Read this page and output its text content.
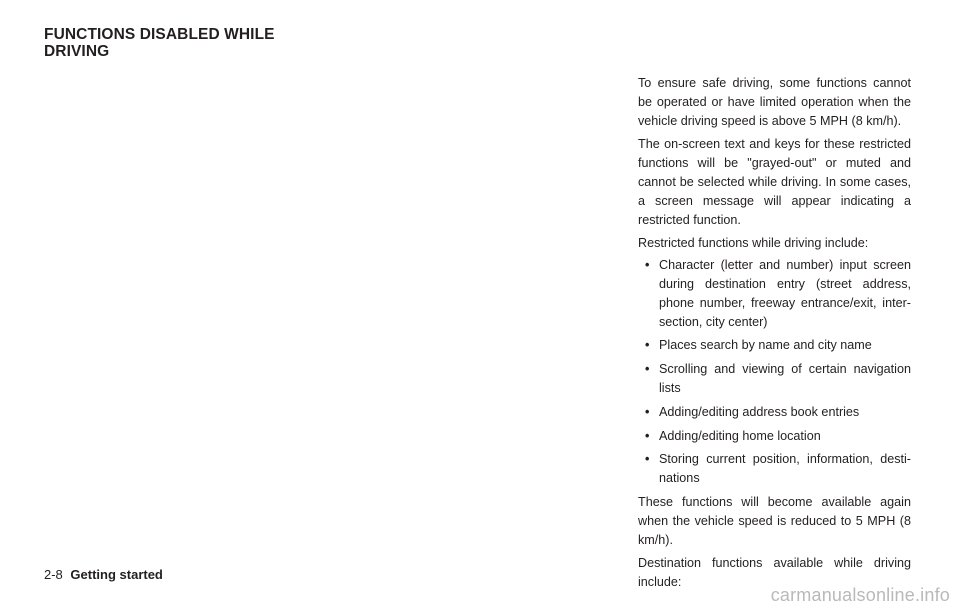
FUNCTIONS DISABLED WHILE
DRIVING

To ensure safe driving, some functions cannot be operated or have limited operation when the vehicle driving speed is above 5 MPH (8 km/h).

The on-screen text and keys for these restricted functions will be "grayed-out" or muted and cannot be selected while driving. In some cases, a screen message will appear indicating a restricted function.

Restricted functions while driving include:

• Character (letter and number) input screen during destination entry (street address, phone number, freeway entrance/exit, inter-section, city center)
• Places search by name and city name
• Scrolling and viewing of certain navigation lists
• Adding/editing address book entries
• Adding/editing home location
• Storing current position, information, desti-nations

These functions will become available again when the vehicle speed is reduced to 5 MPH (8 km/h).

Destination functions available while driving include:

2-8 Getting started
carmanualsonline.info
